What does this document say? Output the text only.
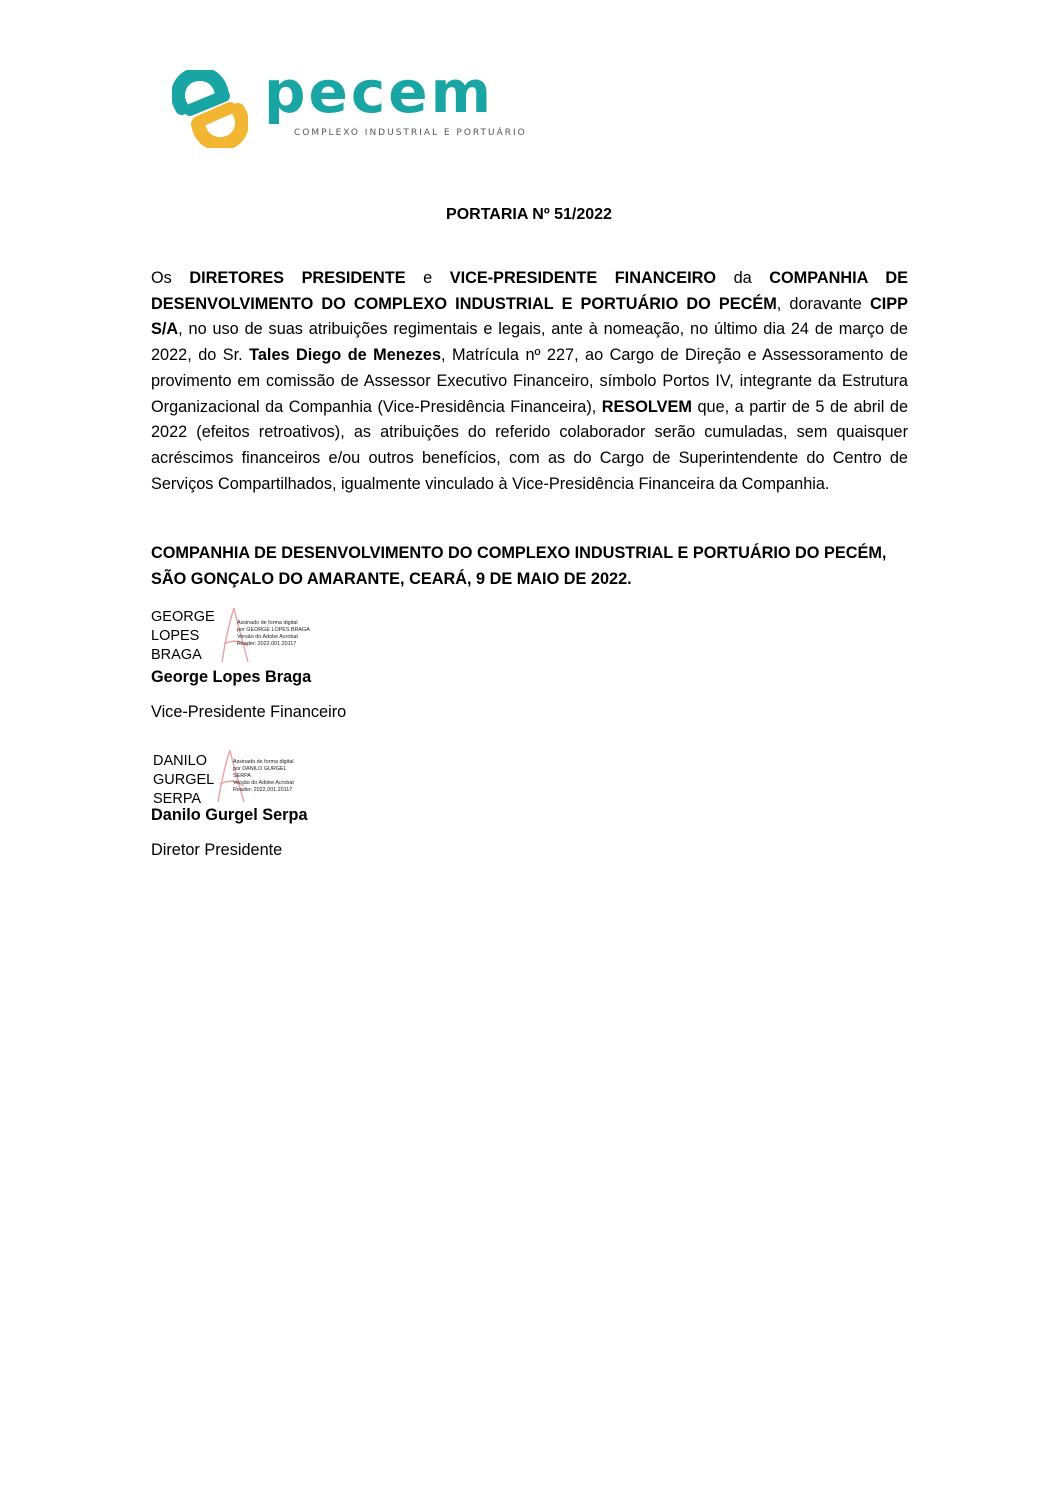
pecem
COMPLEXO INDUSTRIAL E PORTUÁRIO
PORTARIA Nº 51/2022

Os DIRETORES PRESIDENTE e VICE-PRESIDENTE FINANCEIRO da COMPANHIA DE DESENVOLVIMENTO DO COMPLEXO INDUSTRIAL E PORTUÁRIO DO PECÉM, doravante CIPP S/A, no uso de suas atribuições regimentais e legais, ante à nomeação, no último dia 24 de março de 2022, do Sr. Tales Diego de Menezes, Matrícula nº 227, ao Cargo de Direção e Assessoramento de provimento em comissão de Assessor Executivo Financeiro, símbolo Portos IV, integrante da Estrutura Organizacional da Companhia (Vice-Presidência Financeira), RESOLVEM que, a partir de 5 de abril de 2022 (efeitos retroativos), as atribuições do referido colaborador serão cumuladas, sem quaisquer acréscimos financeiros e/ou outros benefícios, com as do Cargo de Superintendente do Centro de Serviços Compartilhados, igualmente vinculado à Vice-Presidência Financeira da Companhia.

COMPANHIA DE DESENVOLVIMENTO DO COMPLEXO INDUSTRIAL E PORTUÁRIO DO PECÉM,
SÃO GONÇALO DO AMARANTE, CEARÁ, 9 DE MAIO DE 2022.
GEORGE
LOPES
BRAGA
Assinado de forma digital
por GEORGE LOPES BRAGA
Versão do Adobe Acrobat
Reader: 2022.001.20117
George Lopes Braga
Vice-Presidente Financeiro
DANILO
GURGEL
SERPA
Assinado de forma digital
por DANILO GURGEL
SERPA
Versão do Adobe Acrobat
Reader: 2022.001.20117
Danilo Gurgel Serpa
Diretor Presidente
